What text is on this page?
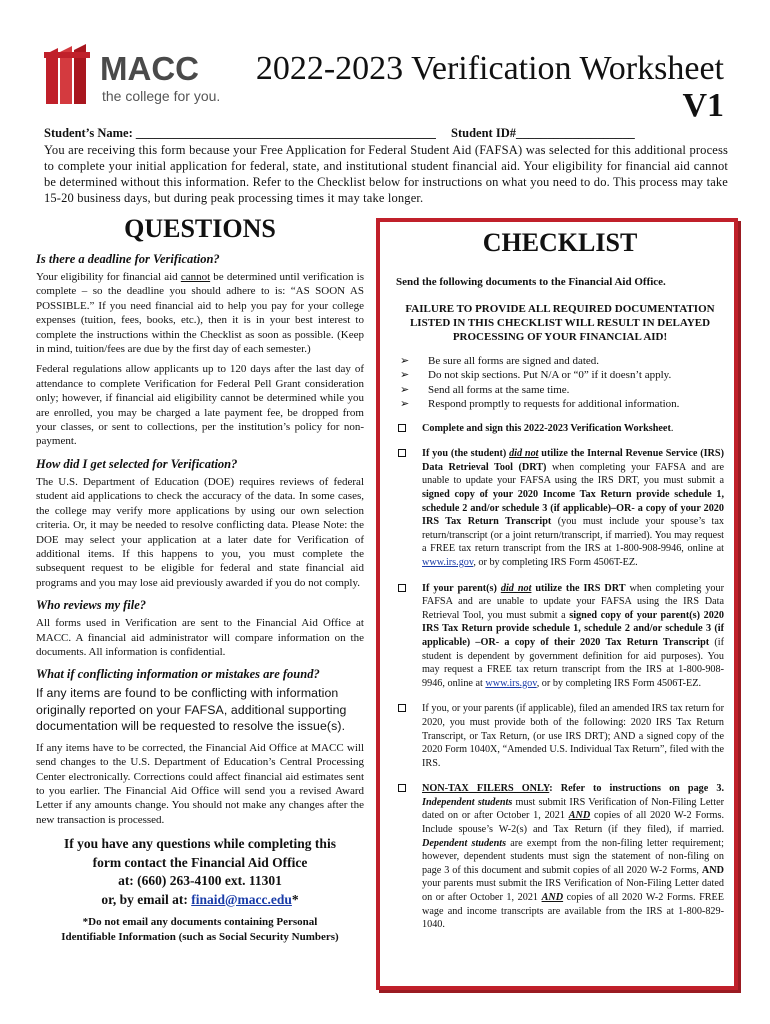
MACC
the college for you.
2022-2023 Verification Worksheet
V1
Student’s Name: ________________________________________________ Student ID#___________________
You are receiving this form because your Free Application for Federal Student Aid (FAFSA) was selected for this additional process to complete your initial application for federal, state, and institutional student financial aid. Your eligibility for financial aid cannot be determined without this information. Refer to the Checklist below for instructions on what you need to do. This process may take 15-20 business days, but during peak processing times it may take longer.
QUESTIONS
Is there a deadline for Verification?

Your eligibility for financial aid cannot be determined until verification is complete – so the deadline you should adhere to is: “AS SOON AS POSSIBLE.” If you need financial aid to help you pay for your college expenses (tuition, fees, books, etc.), then it is in your best interest to complete the instructions within the Checklist as soon as possible. (Keep in mind, tuition/fees are due by the first day of each semester.)

Federal regulations allow applicants up to 120 days after the last day of attendance to complete Verification for Federal Pell Grant consideration only; however, if financial aid eligibility cannot be determined while you are enrolled, you may be charged a late payment fee, be dropped from your classes, or sent to collections, per the institution’s policy for non-payment.

How did I get selected for Verification?

The U.S. Department of Education (DOE) requires reviews of federal student aid applications to check the accuracy of the data. In some cases, the college may verify more applications by using our own selection criteria. Or, it may be needed to resolve conflicting data. Please Note: the DOE may select your application at a later date for Verification of additional items. If this happens to you, you must complete the subsequent request to be eligible for federal and state financial aid programs and you may lose aid previously awarded if you do not comply.

Who reviews my file?

All forms used in Verification are sent to the Financial Aid Office at MACC. A financial aid administrator will compare information on the documents. All information is confidential.

What if conflicting information or mistakes are found?

If any items are found to be conflicting with information originally reported on your FAFSA, additional supporting documentation will be requested to resolve the issue(s).

If any items have to be corrected, the Financial Aid Office at MACC will send changes to the U.S. Department of Education’s Central Processing Center electronically. Corrections could affect financial aid estimates sent to you earlier. The Financial Aid Office will send you a revised Award Letter if any amounts change. You should not make any changes after the new transaction is processed.

If you have any questions while completing this
form contact the Financial Aid Office
at: (660) 263-4100 ext. 11301
or, by email at: finaid@macc.edu*
*Do not email any documents containing Personal
Identifiable Information (such as Social Security Numbers)
CHECKLIST
Send the following documents to the Financial Aid Office.
FAILURE TO PROVIDE ALL REQUIRED DOCUMENTATION LISTED IN THIS CHECKLIST WILL RESULT IN DELAYED PROCESSING OF YOUR FINANCIAL AID!
➢ Be sure all forms are signed and dated.
➢ Do not skip sections. Put N/A or “0” if it doesn’t apply.
➢ Send all forms at the same time.
➢ Respond promptly to requests for additional information.
Complete and sign this 2022-2023 Verification Worksheet.
If you (the student) did not utilize the Internal Revenue Service (IRS) Data Retrieval Tool (DRT) when completing your FAFSA and are unable to update your FAFSA using the IRS DRT, you must submit a signed copy of your 2020 Income Tax Return provide schedule 1, schedule 2 and/or schedule 3 (if applicable)–OR- a copy of your 2020 IRS Tax Return Transcript (you must include your spouse’s tax return/transcript (or a joint return/transcript, if married). You may request a FREE tax return transcript from the IRS at 1-800-908-9946, online at www.irs.gov, or by completing IRS Form 4506T-EZ.
If your parent(s) did not utilize the IRS DRT when completing your FAFSA and are unable to update your FAFSA using the IRS Data Retrieval Tool, you must submit a signed copy of your parent(s) 2020 IRS Tax Return provide schedule 1, schedule 2 and/or schedule 3 (if applicable) –OR- a copy of their 2020 Tax Return Transcript (if student is dependent by government definition for aid purposes). You may request a FREE tax return transcript from the IRS at 1-800-908-9946, online at www.irs.gov, or by completing IRS Form 4506T-EZ.
If you, or your parents (if applicable), filed an amended IRS tax return for 2020, you must provide both of the following: 2020 IRS Tax Return Transcript, or Tax Return, (or use IRS DRT); AND a signed copy of the 2020 Form 1040X, “Amended U.S. Individual Tax Return”, filed with the IRS.
NON-TAX FILERS ONLY: Refer to instructions on page 3. Independent students must submit IRS Verification of Non-Filing Letter dated on or after October 1, 2021 AND copies of all 2020 W-2 Forms. Include spouse’s W-2(s) and Tax Return (if they filed), if married. Dependent students are exempt from the non-filing letter requirement; however, dependent students must sign the statement of non-filing on page 3 of this document and submit copies of all 2020 W-2 Forms, AND your parents must submit the IRS Verification of Non-Filing Letter dated on or after October 1, 2021 AND copies of all 2020 W-2 Forms. FREE wage and income transcripts are available from the IRS at 1-800-829-1040.
